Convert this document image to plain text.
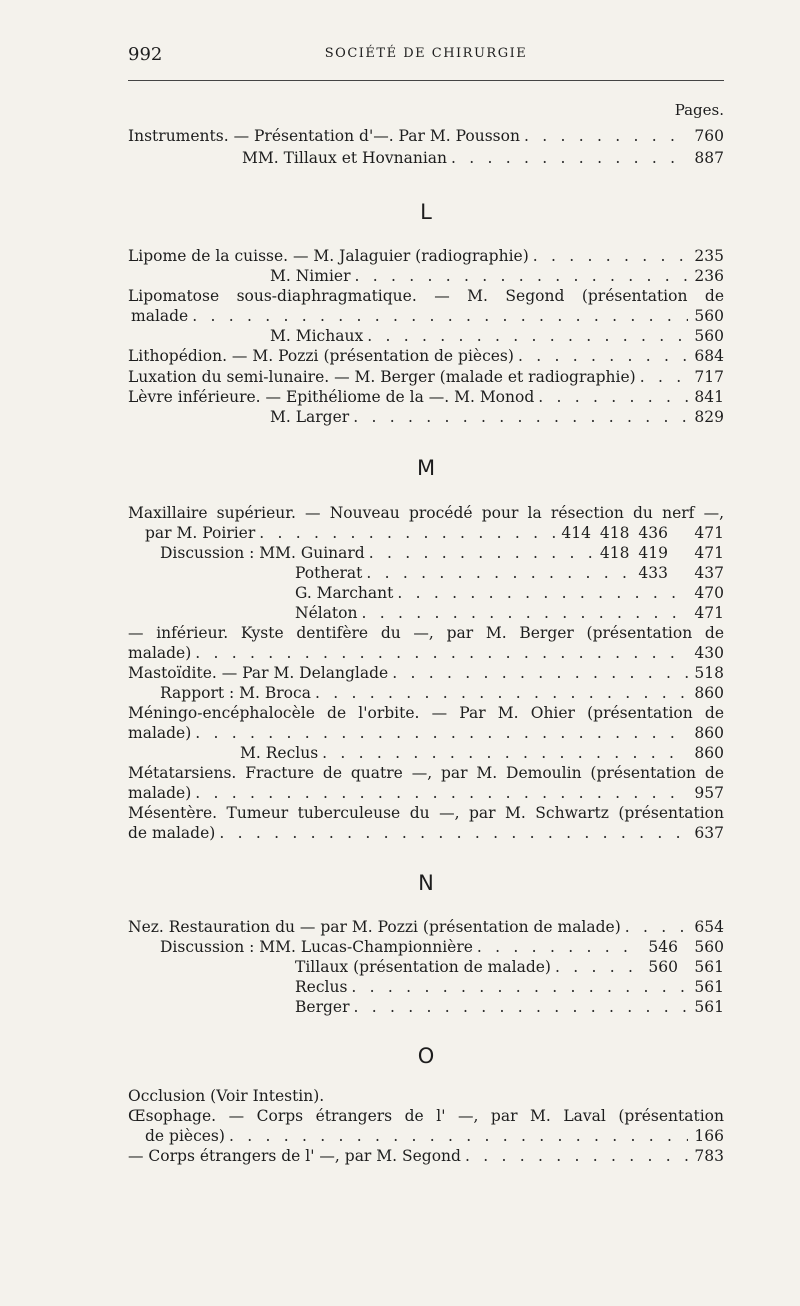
992	SOCIÉTÉ DE CHIRURGIE
Pages.
L
M
N
O
Instruments. — Présentation d'—. Par M. Pousson . . .	760
MM. Tillaux et Hovnanian . . .	887
Lipome de la cuisse. — M. Jalaguier (radiographie) . . .	235
M. Nimier . . .	236
Lipomatose sous-diaphragmatique. — M. Segond (présentation de
malade . . .	560
M. Michaux . . .	560
Lithopédion. — M. Pozzi (présentation de pièces) . . .	684
Luxation du semi-lunaire. — M. Berger (malade et radiographie) . . .	717
Lèvre inférieure. — Epithéliome de la —. M. Monod . . .	841
M. Larger . . .	829
Maxillaire supérieur. — Nouveau procédé pour la résection du nerf —,
par M. Poirier . . .	414 418 436	471
Discussion : MM. Guinard . . .	418 419	471
Potherat . . .	433	437
G. Marchant . . .	470
Nélaton . . .	471
— inférieur. Kyste dentifère du —, par M. Berger (présentation de
malade) . . .	430
Mastoïdite. — Par M. Delanglade . . .	518
Rapport : M. Broca . . .	860
Méningo-encéphalocèle de l'orbite. — Par M. Ohier (présentation de
malade) . . .	860
M. Reclus . . .	860
Métatarsiens. Fracture de quatre —, par M. Demoulin (présentation de
malade) . . .	957
Mésentère. Tumeur tuberculeuse du —, par M. Schwartz (présentation
de malade) . . .	637
Nez. Restauration du — par M. Pozzi (présentation de malade) . . .	654
Discussion : MM. Lucas-Championnière . . .	546	560
Tillaux (présentation de malade) . . .	560	561
Reclus . . .	561
Berger . . .	561
Occlusion (Voir Intestin).
Œsophage. — Corps étrangers de l' —, par M. Laval (présentation
de pièces) . . .	166
— Corps étrangers de l' —, par M. Segond . . .	783
